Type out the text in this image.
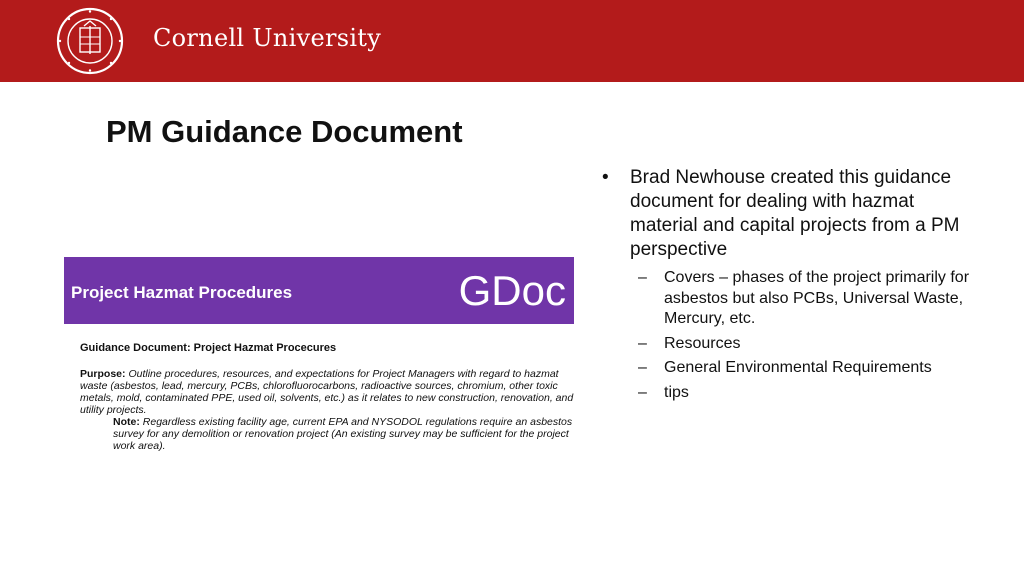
Cornell University
PM Guidance Document
Project Hazmat Procedures	GDoc
Guidance Document: Project Hazmat Procecures
Purpose: Outline procedures, resources, and expectations for Project Managers with regard to hazmat waste (asbestos, lead, mercury, PCBs, chlorofluorocarbons, radioactive sources, chromium, other toxic metals, mold, contaminated PPE, used oil, solvents, etc.) as it relates to new construction, renovation, and utility projects.
Note: Regardless existing facility age, current EPA and NYSODOL regulations require an asbestos survey for any demolition or renovation project (An existing survey may be sufficient for the project work area).
• Brad Newhouse created this guidance document for dealing with hazmat material and capital projects from a PM perspective
– Covers – phases of the project primarily for asbestos but also PCBs, Universal Waste, Mercury, etc.
– Resources
– General Environmental Requirements
– tips
